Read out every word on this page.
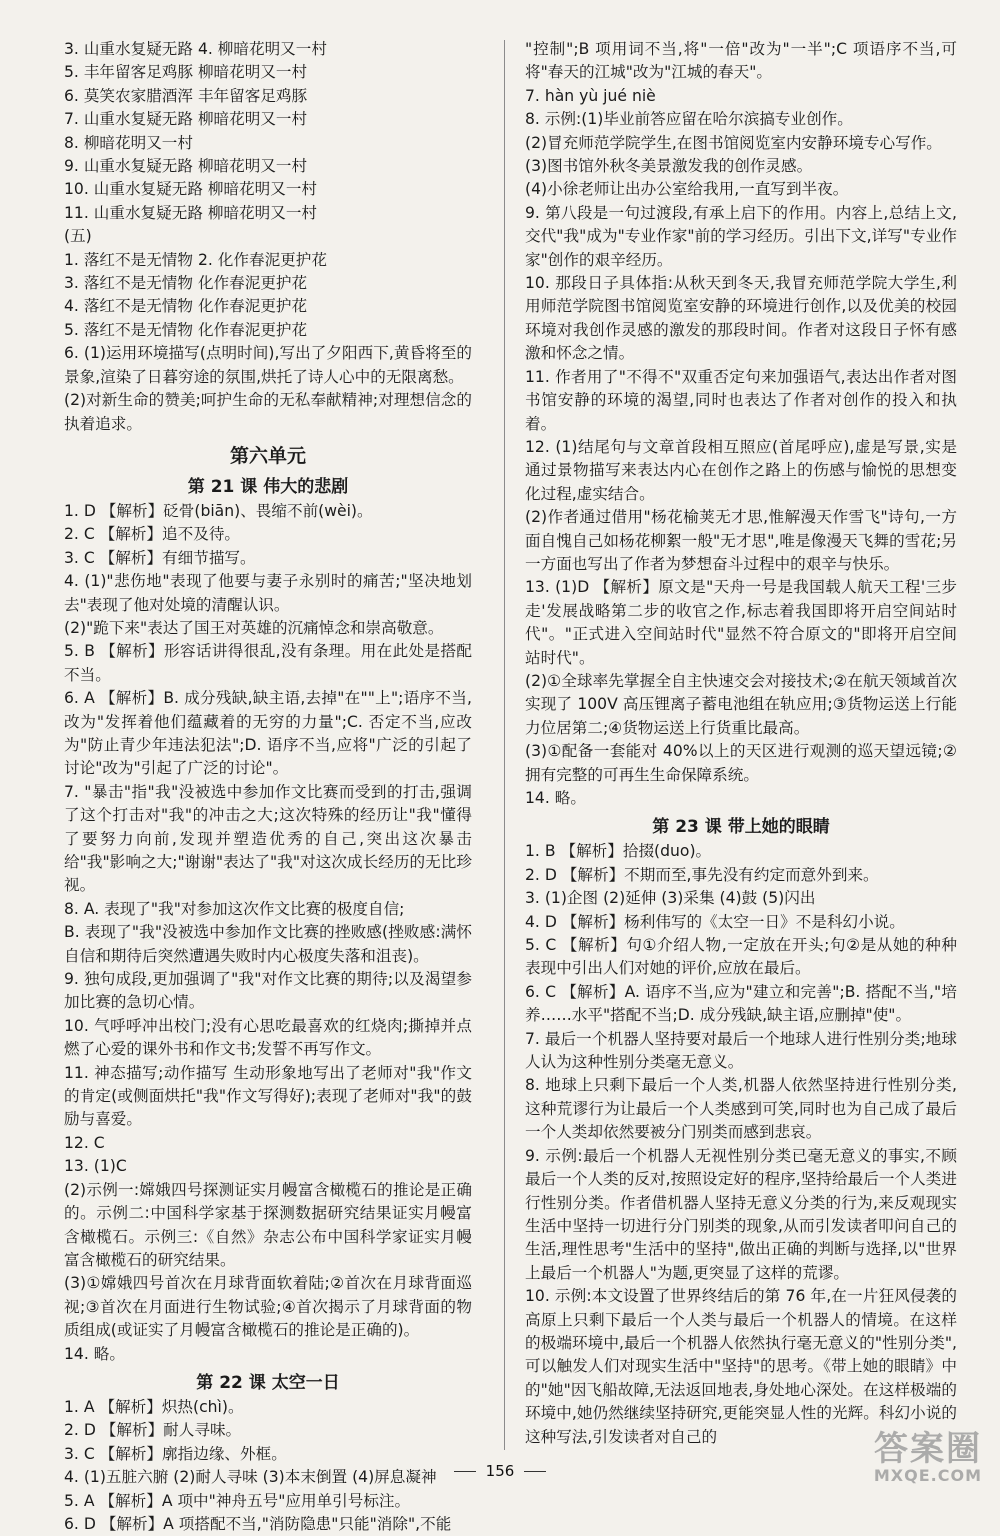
3. 山重水复疑无路 4. 柳暗花明又一村
5. 丰年留客足鸡豚 柳暗花明又一村
6. 莫笑农家腊酒浑 丰年留客足鸡豚
7. 山重水复疑无路 柳暗花明又一村
8. 柳暗花明又一村
9. 山重水复疑无路 柳暗花明又一村
10. 山重水复疑无路 柳暗花明又一村
11. 山重水复疑无路 柳暗花明又一村
(五)
1. 落红不是无情物 2. 化作春泥更护花
3. 落红不是无情物 化作春泥更护花
4. 落红不是无情物 化作春泥更护花
5. 落红不是无情物 化作春泥更护花
6. (1)运用环境描写(点明时间),写出了夕阳西下,黄昏将至的景象,渲染了日暮穷途的氛围,烘托了诗人心中的无限离愁。
(2)对新生命的赞美;呵护生命的无私奉献精神;对理想信念的执着追求。
第六单元
第 21 课 伟大的悲剧
1. D 【解析】砭骨(biān)、畏缩不前(wèi)。
2. C 【解析】追不及待。
3. C 【解析】有细节描写。
4. (1)"悲伤地"表现了他要与妻子永别时的痛苦;"坚决地划去"表现了他对处境的清醒认识。
(2)"跪下来"表达了国王对英雄的沉痛悼念和崇高敬意。
5. B 【解析】形容话讲得很乱,没有条理。用在此处是搭配不当。
6. A 【解析】B. 成分残缺,缺主语,去掉"在""上";语序不当,改为"发挥着他们蕴藏着的无穷的力量";C. 否定不当,应改为"防止青少年违法犯法";D. 语序不当,应将"广泛的引起了讨论"改为"引起了广泛的讨论"。
7. "暴击"指"我"没被选中参加作文比赛而受到的打击,强调了这个打击对"我"的冲击之大;这次特殊的经历让"我"懂得了要努力向前,发现并塑造优秀的自己,突出这次暴击给"我"影响之大;"谢谢"表达了"我"对这次成长经历的无比珍视。
8. A. 表现了"我"对参加这次作文比赛的极度自信;
B. 表现了"我"没被选中参加作文比赛的挫败感(挫败感:满怀自信和期待后突然遭遇失败时内心极度失落和沮丧)。
9. 独句成段,更加强调了"我"对作文比赛的期待;以及渴望参加比赛的急切心情。
10. 气呼呼冲出校门;没有心思吃最喜欢的红烧肉;撕掉并点燃了心爱的课外书和作文书;发誓不再写作文。
11. 神态描写;动作描写 生动形象地写出了老师对"我"作文的肯定(或侧面烘托"我"作文写得好);表现了老师对"我"的鼓励与喜爱。
12. C
13. (1)C
(2)示例一:嫦娥四号探测证实月幔富含橄榄石的推论是正确的。示例二:中国科学家基于探测数据研究结果证实月幔富含橄榄石。示例三:《自然》杂志公布中国科学家证实月幔富含橄榄石的研究结果。
(3)①嫦娥四号首次在月球背面软着陆;②首次在月球背面巡视;③首次在月面进行生物试验;④首次揭示了月球背面的物质组成(或证实了月幔富含橄榄石的推论是正确的)。
14. 略。
第 22 课 太空一日
1. A 【解析】炽热(chì)。
2. D 【解析】耐人寻味。
3. C 【解析】廓指边缘、外框。
4. (1)五脏六腑 (2)耐人寻味 (3)本末倒置 (4)屏息凝神
5. A 【解析】A 项中"神舟五号"应用单引号标注。
6. D 【解析】A 项搭配不当,"消防隐患"只能"消除",不能
"控制";B 项用词不当,将"一倍"改为"一半";C 项语序不当,可将"春天的江城"改为"江城的春天"。
7. hàn yù jué niè
8. 示例:(1)毕业前答应留在哈尔滨搞专业创作。
(2)冒充师范学院学生,在图书馆阅览室内安静环境专心写作。
(3)图书馆外秋冬美景激发我的创作灵感。
(4)小徐老师让出办公室给我用,一直写到半夜。
9. 第八段是一句过渡段,有承上启下的作用。内容上,总结上文,交代"我"成为"专业作家"前的学习经历。引出下文,详写"专业作家"创作的艰辛经历。
10. 那段日子具体指:从秋天到冬天,我冒充师范学院大学生,利用师范学院图书馆阅览室安静的环境进行创作,以及优美的校园环境对我创作灵感的激发的那段时间。作者对这段日子怀有感激和怀念之情。
11. 作者用了"不得不"双重否定句来加强语气,表达出作者对图书馆安静的环境的渴望,同时也表达了作者对创作的投入和执着。
12. (1)结尾句与文章首段相互照应(首尾呼应),虚是写景,实是通过景物描写来表达内心在创作之路上的伤感与愉悦的思想变化过程,虚实结合。
(2)作者通过借用"杨花榆荚无才思,惟解漫天作雪飞"诗句,一方面自愧自己如杨花柳絮一般"无才思",唯是像漫天飞舞的雪花;另一方面也写出了作者为梦想奋斗过程中的艰辛与快乐。
13. (1)D 【解析】原文是"天舟一号是我国载人航天工程'三步走'发展战略第二步的收官之作,标志着我国即将开启空间站时代"。"正式进入空间站时代"显然不符合原文的"即将开启空间站时代"。
(2)①全球率先掌握全自主快速交会对接技术;②在航天领域首次实现了 100V 高压锂离子蓄电池组在轨应用;③货物运送上行能力位居第二;④货物运送上行货重比最高。
(3)①配备一套能对 40%以上的天区进行观测的巡天望远镜;②拥有完整的可再生生命保障系统。
14. 略。
第 23 课 带上她的眼睛
1. B 【解析】拾掇(duo)。
2. D 【解析】不期而至,事先没有约定而意外到来。
3. (1)企图 (2)延伸 (3)采集 (4)鼓 (5)闪出
4. D 【解析】杨利伟写的《太空一日》不是科幻小说。
5. C 【解析】句①介绍人物,一定放在开头;句②是从她的种种表现中引出人们对她的评价,应放在最后。
6. C 【解析】A. 语序不当,应为"建立和完善";B. 搭配不当,"培养……水平"搭配不当;D. 成分残缺,缺主语,应删掉"使"。
7. 最后一个机器人坚持要对最后一个地球人进行性别分类;地球人认为这种性别分类毫无意义。
8. 地球上只剩下最后一个人类,机器人依然坚持进行性别分类,这种荒谬行为让最后一个人类感到可笑,同时也为自己成了最后一个人类却依然要被分门别类而感到悲哀。
9. 示例:最后一个机器人无视性别分类已毫无意义的事实,不顾最后一个人类的反对,按照设定好的程序,坚持给最后一个人类进行性别分类。作者借机器人坚持无意义分类的行为,来反观现实生活中坚持一切进行分门别类的现象,从而引发读者叩问自己的生活,理性思考"生活中的坚持",做出正确的判断与选择,以"世界上最后一个机器人"为题,更突显了这样的荒谬。
10. 示例:本文设置了世界终结后的第 76 年,在一片狂风侵袭的高原上只剩下最后一个人类与最后一个机器人的情境。在这样的极端环境中,最后一个机器人依然执行毫无意义的"性别分类",可以触发人们对现实生活中"坚持"的思考。《带上她的眼睛》中的"她"因飞船故障,无法返回地表,身处地心深处。在这样极端的环境中,她仍然继续坚持研究,更能突显人性的光辉。科幻小说的这种写法,引发读者对自己的
156
答案圈
MXQE.COM
